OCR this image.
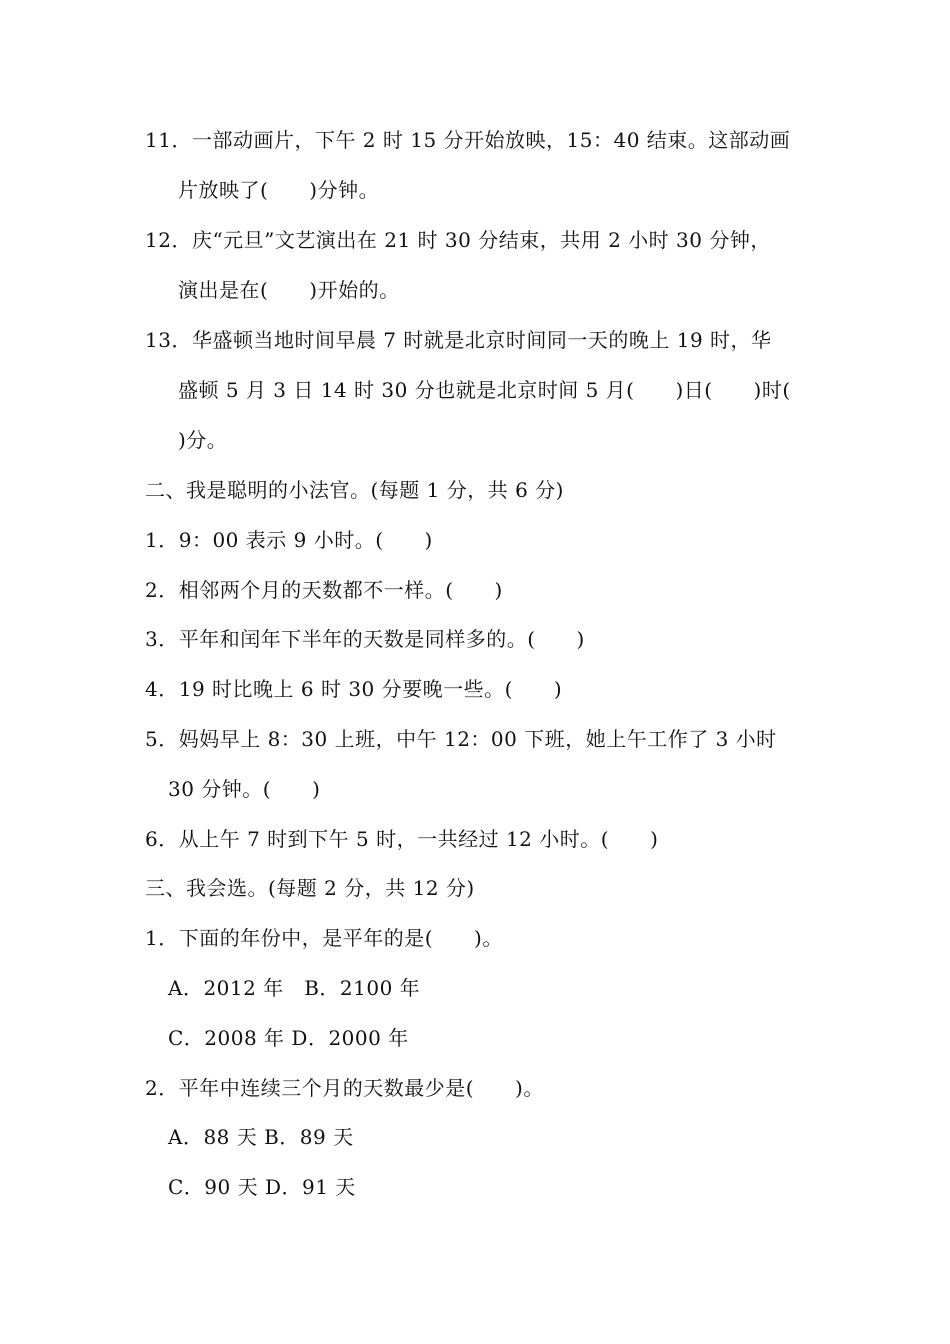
11．一部动画片，下午 2 时 15 分开始放映，15：40 结束。这部动画
片放映了(　　)分钟。
12．庆“元旦”文艺演出在 21 时 30 分结束，共用 2 小时 30 分钟，
演出是在(　　)开始的。
13．华盛顿当地时间早晨 7 时就是北京时间同一天的晚上 19 时，华
盛顿 5 月 3 日 14 时 30 分也就是北京时间 5 月(　　)日(　　)时(
)分。
二、我是聪明的小法官。(每题 1 分，共 6 分)
1．9：00 表示 9 小时。(　　)
2．相邻两个月的天数都不一样。(　　)
3．平年和闰年下半年的天数是同样多的。(　　)
4．19 时比晚上 6 时 30 分要晚一些。(　　)
5．妈妈早上 8：30 上班，中午 12：00 下班，她上午工作了 3 小时
30 分钟。(　　)
6．从上午 7 时到下午 5 时，一共经过 12 小时。(　　)
三、我会选。(每题 2 分，共 12 分)
1．下面的年份中，是平年的是(　　)。
A．2012 年　B．2100 年
C．2008 年 D．2000 年
2．平年中连续三个月的天数最少是(　　)。
A．88 天 B．89 天
C．90 天 D．91 天
